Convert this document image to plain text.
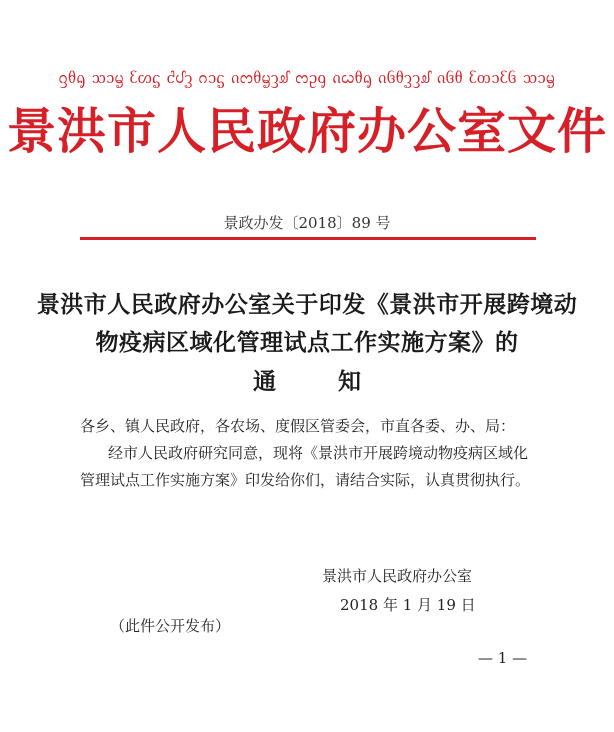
ᦋᦲᧂ ᦉᦱᧄ ᦷᦠᧃ ᦺᦔᧆ ᦅᦱᧃ ᦵᦂᦲᧄᦡᦾ ᦂᦳᧁ ᦵᦍᦲᧂ ᦵᦑᦲᧆᦡᦾ ᦵᦑᦲ ᦷᦎᦱᦷᦑ ᦉᦱᧄ
景洪市人民政府办公室文件
景政办发〔2018〕89 号
景洪市人民政府办公室关于印发《景洪市开展跨境动
物疫病区域化管理试点工作实施方案》的
通知
各乡、镇人民政府，各农场、度假区管委会，市直各委、办、局：
经市人民政府研究同意，现将《景洪市开展跨境动物疫病区域化
管理试点工作实施方案》印发给你们，请结合实际，认真贯彻执行。
景洪市人民政府办公室
2018 年 1 月 19 日
（此件公开发布）
— 1 —
